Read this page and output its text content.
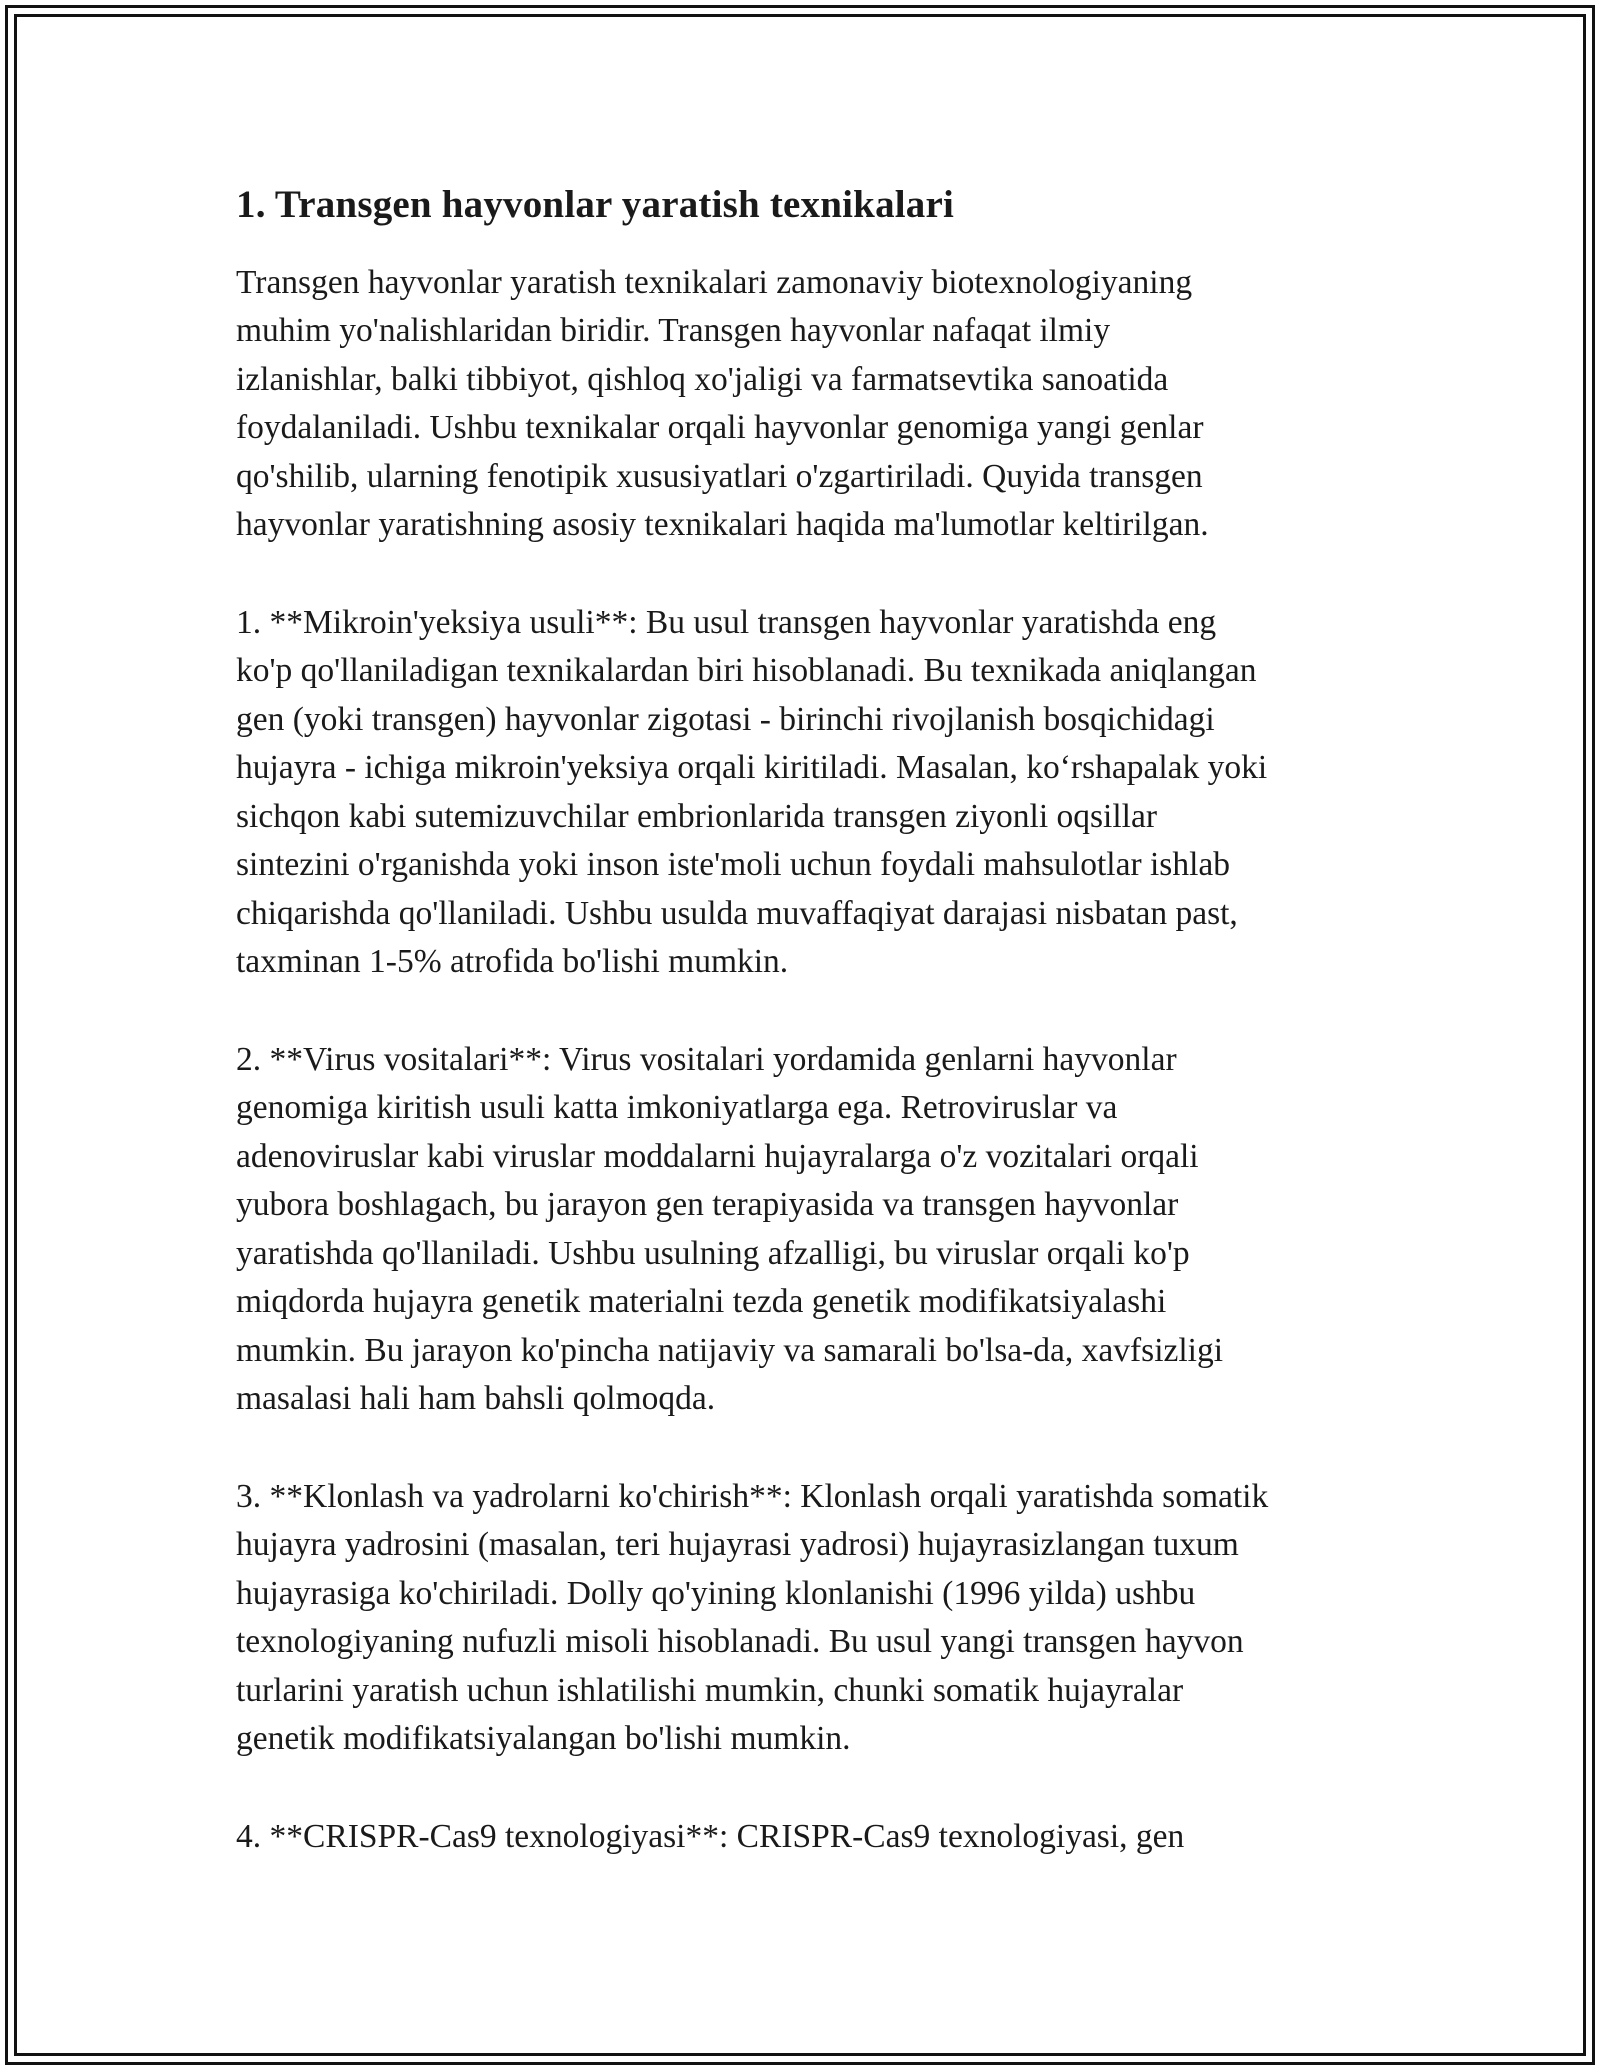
1. Transgen hayvonlar yaratish texnikalari

Transgen hayvonlar yaratish texnikalari zamonaviy biotexnologiyaning
muhim yo'nalishlaridan biridir. Transgen hayvonlar nafaqat ilmiy
izlanishlar, balki tibbiyot, qishloq xo'jaligi va farmatsevtika sanoatida
foydalaniladi. Ushbu texnikalar orqali hayvonlar genomiga yangi genlar
qo'shilib, ularning fenotipik xususiyatlari o'zgartiriladi. Quyida transgen
hayvonlar yaratishning asosiy texnikalari haqida ma'lumotlar keltirilgan.

1. **Mikroin'yeksiya usuli**: Bu usul transgen hayvonlar yaratishda eng
ko'p qo'llaniladigan texnikalardan biri hisoblanadi. Bu texnikada aniqlangan
gen (yoki transgen) hayvonlar zigotasi - birinchi rivojlanish bosqichidagi
hujayra - ichiga mikroin'yeksiya orqali kiritiladi. Masalan, ko‘rshapalak yoki
sichqon kabi sutemizuvchilar embrionlarida transgen ziyonli oqsillar
sintezini o'rganishda yoki inson iste'moli uchun foydali mahsulotlar ishlab
chiqarishda qo'llaniladi. Ushbu usulda muvaffaqiyat darajasi nisbatan past,
taxminan 1-5% atrofida bo'lishi mumkin.

2. **Virus vositalari**: Virus vositalari yordamida genlarni hayvonlar
genomiga kiritish usuli katta imkoniyatlarga ega. Retroviruslar va
adenoviruslar kabi viruslar moddalarni hujayralarga o'z vozitalari orqali
yubora boshlagach, bu jarayon gen terapiyasida va transgen hayvonlar
yaratishda qo'llaniladi. Ushbu usulning afzalligi, bu viruslar orqali ko'p
miqdorda hujayra genetik materialni tezda genetik modifikatsiyalashi
mumkin. Bu jarayon ko'pincha natijaviy va samarali bo'lsa-da, xavfsizligi
masalasi hali ham bahsli qolmoqda.

3. **Klonlash va yadrolarni ko'chirish**: Klonlash orqali yaratishda somatik
hujayra yadrosini (masalan, teri hujayrasi yadrosi) hujayrasizlangan tuxum
hujayrasiga ko'chiriladi. Dolly qo'yining klonlanishi (1996 yilda) ushbu
texnologiyaning nufuzli misoli hisoblanadi. Bu usul yangi transgen hayvon
turlarini yaratish uchun ishlatilishi mumkin, chunki somatik hujayralar
genetik modifikatsiyalangan bo'lishi mumkin.

4. **CRISPR-Cas9 texnologiyasi**: CRISPR-Cas9 texnologiyasi, gen
